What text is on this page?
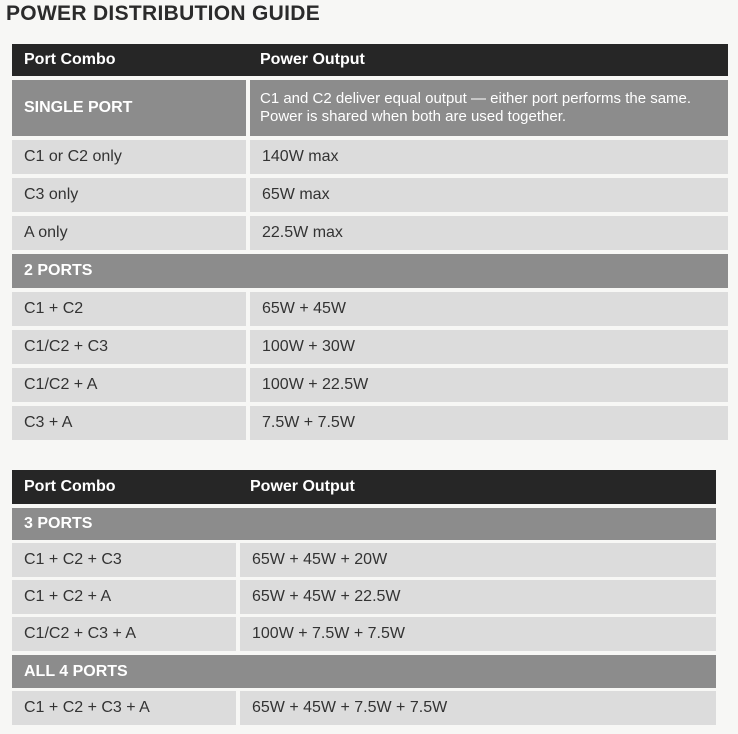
POWER DISTRIBUTION GUIDE
Port Combo	Power Output
SINGLE PORT
C1 and C2 deliver equal output — either port performs the same. Power is shared when both are used together.
C1 or C2 only	140W max
C3 only	65W max
A only	22.5W max
2 PORTS
C1 + C2	65W + 45W
C1/C2 + C3	100W + 30W
C1/C2 + A	100W + 22.5W
C3 + A	7.5W + 7.5W
Port Combo	Power Output
3 PORTS
C1 + C2 + C3	65W + 45W + 20W
C1 + C2 + A	65W + 45W + 22.5W
C1/C2 + C3 + A	100W + 7.5W + 7.5W
ALL 4 PORTS
C1 + C2 + C3 + A	65W + 45W + 7.5W + 7.5W
